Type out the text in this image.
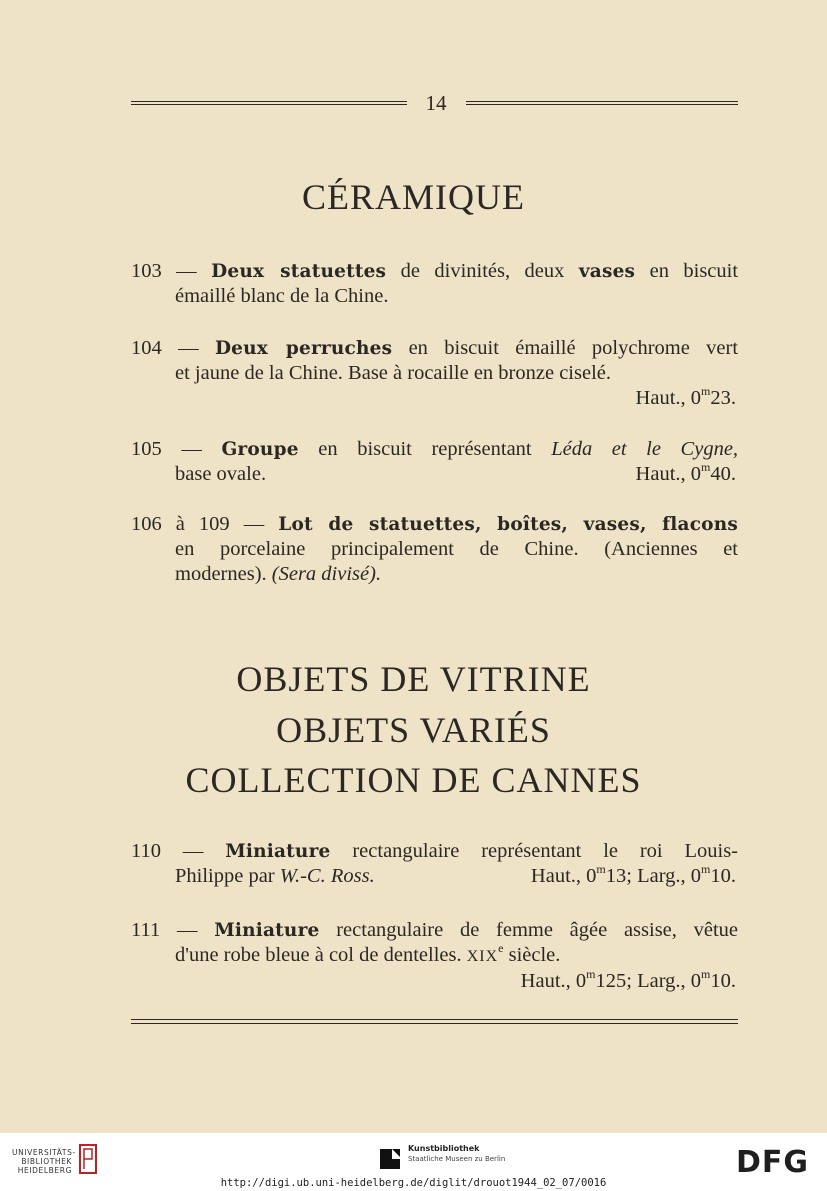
14
CÉRAMIQUE
103 — Deux statuettes de divinités, deux vases en biscuit
émaillé blanc de la Chine.
104 — Deux perruches en biscuit émaillé polychrome vert
et jaune de la Chine. Base à rocaille en bronze ciselé.
Haut., 0$^m$23.
105 — Groupe en biscuit représentant Léda et le Cygne,
base ovale.	Haut., 0$^m$40.
106 à 109 — Lot de statuettes, boîtes, vases, flacons
en porcelaine principalement de Chine. (Anciennes et
modernes). (Sera divisé).
OBJETS DE VITRINE
OBJETS VARIÉS
COLLECTION DE CANNES
110 — Miniature rectangulaire représentant le roi Louis-
Philippe par W.-C. Ross.	Haut., 0$^m$13; Larg., 0$^m$10.
111 — Miniature rectangulaire de femme âgée assise, vêtue
d'une robe bleue à col de dentelles. XIXe siècle.
Haut., 0$^m$125; Larg., 0$^m$10.
UNIVERSITÄTS- BIBLIOTHEK HEIDELBERG
Kunstbibliothek
Staatliche Museen zu Berlin	DFG
http://digi.ub.uni-heidelberg.de/diglit/drouot1944_02_07/0016
